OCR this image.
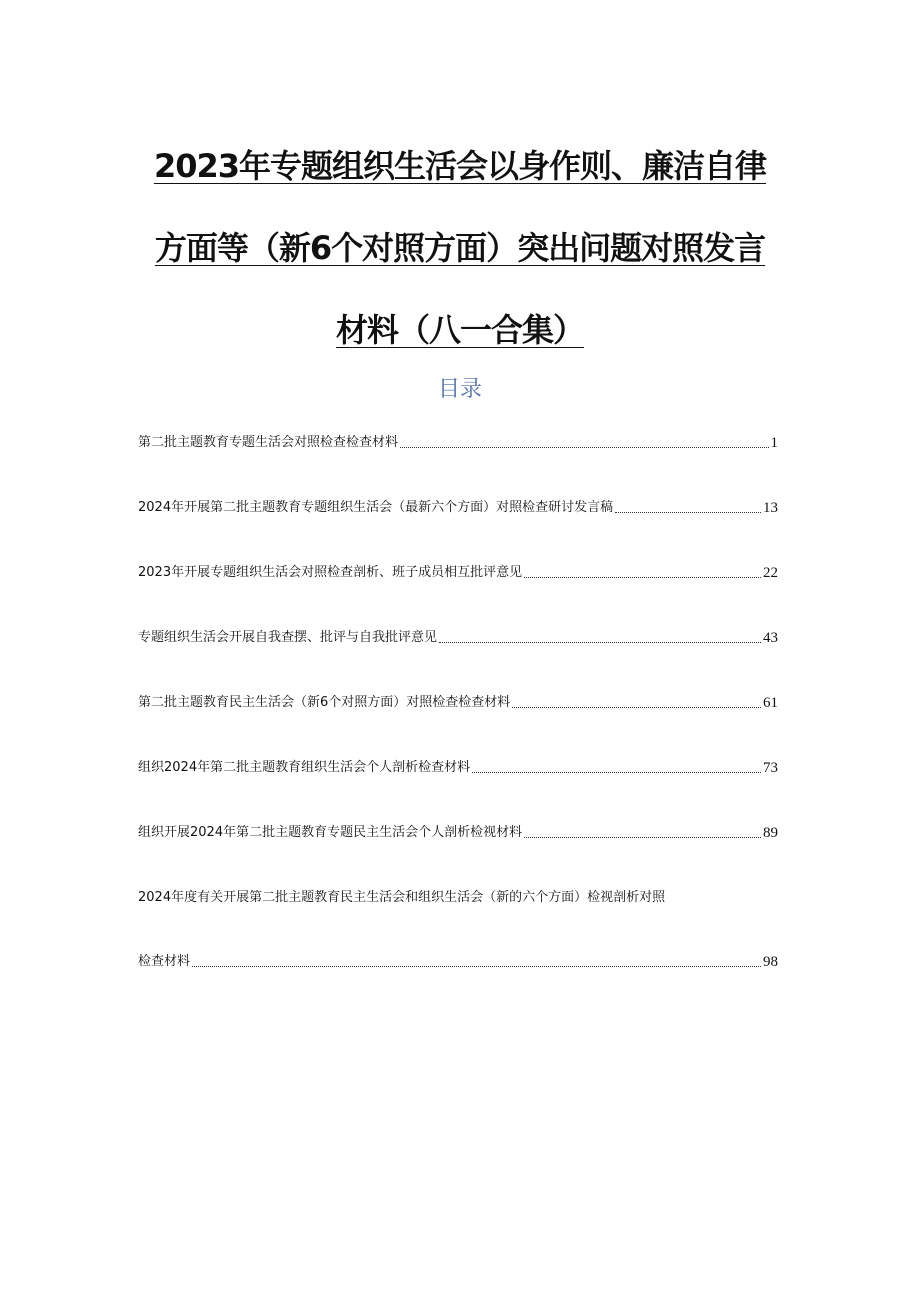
2023年专题组织生活会以身作则、廉洁自律
方面等（新6个对照方面）突出问题对照发言
材料（八一合集）
目录
第二批主题教育专题生活会对照检查检查材料	1
2024年开展第二批主题教育专题组织生活会（最新六个方面）对照检查研讨发言稿	13
2023年开展专题组织生活会对照检查剖析、班子成员相互批评意见	22
专题组织生活会开展自我查摆、批评与自我批评意见	43
第二批主题教育民主生活会（新6个对照方面）对照检查检查材料	61
组织2024年第二批主题教育组织生活会个人剖析检查材料	73
组织开展2024年第二批主题教育专题民主生活会个人剖析检视材料	89
2024年度有关开展第二批主题教育民主生活会和组织生活会（新的六个方面）检视剖析对照
检查材料	98
